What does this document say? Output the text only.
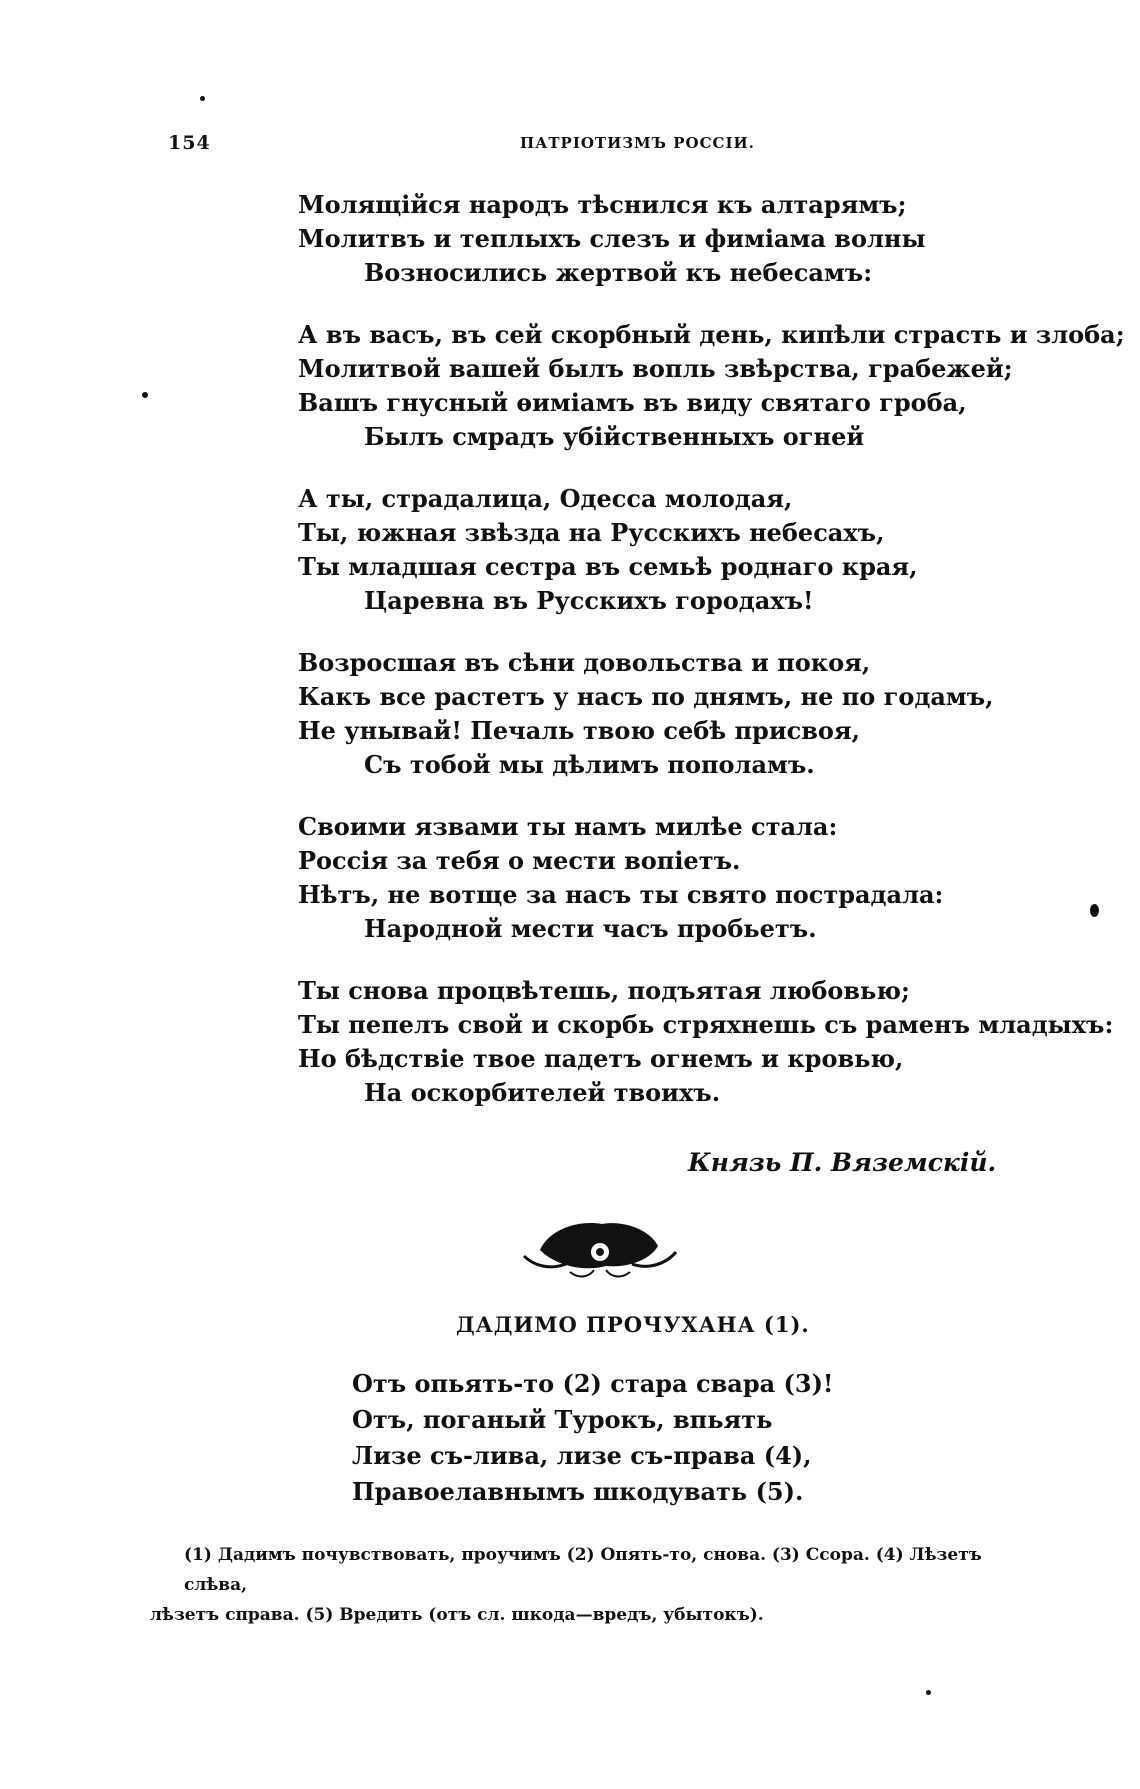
154	ПАТРІОТИЗМЪ РОССІИ.
Молящійся народъ тѣснился къ алтарямъ;
Молитвъ и теплыхъ слезъ и фиміама волны
Возносились жертвой къ небесамъ:
А въ васъ, въ сей скорбный день, кипѣли страсть и злоба;
Молитвой вашей былъ вопль звѣрства, грабежей;
Вашъ гнусный ѳиміамъ въ виду святаго гроба,
Былъ смрадъ убійственныхъ огней
А ты, страдалица, Одесса молодая,
Ты, южная звѣзда на Русскихъ небесахъ,
Ты младшая сестра въ семьѣ роднаго края,
Царевна въ Русскихъ городахъ!
Возросшая въ сѣни довольства и покоя,
Какъ все растетъ у насъ по днямъ, не по годамъ,
Не унывай! Печаль твою себѣ присвоя,
Съ тобой мы дѣлимъ пополамъ.
Своими язвами ты намъ милѣе стала:
Россія за тебя о мести вопіетъ.
Нѣтъ, не вотще за насъ ты свято пострадала:
Народной мести часъ пробьетъ.
Ты снова процвѣтешь, подъятая любовью;
Ты пепелъ свой и скорбь стряхнешь съ раменъ младыхъ:
Но бѣдствіе твое падетъ огнемъ и кровью,
На оскорбителей твоихъ.
Князь П. Вяземскій.
ДАДИМО ПРОЧУХАНА (1).
Отъ опьять-то (2) стара свара (3)!
Отъ, поганый Турокъ, впьять
Лизе съ-лива, лизе съ-права (4),
Правоелавнымъ шкодувать (5).
(1) Дадимъ почувствовать, проучимъ (2) Опять-то, снова. (3) Ссора. (4) Лѣзетъ слѣва,
лѣзетъ справа. (5) Вредить (отъ сл. шкода—вредъ, убытокъ).
